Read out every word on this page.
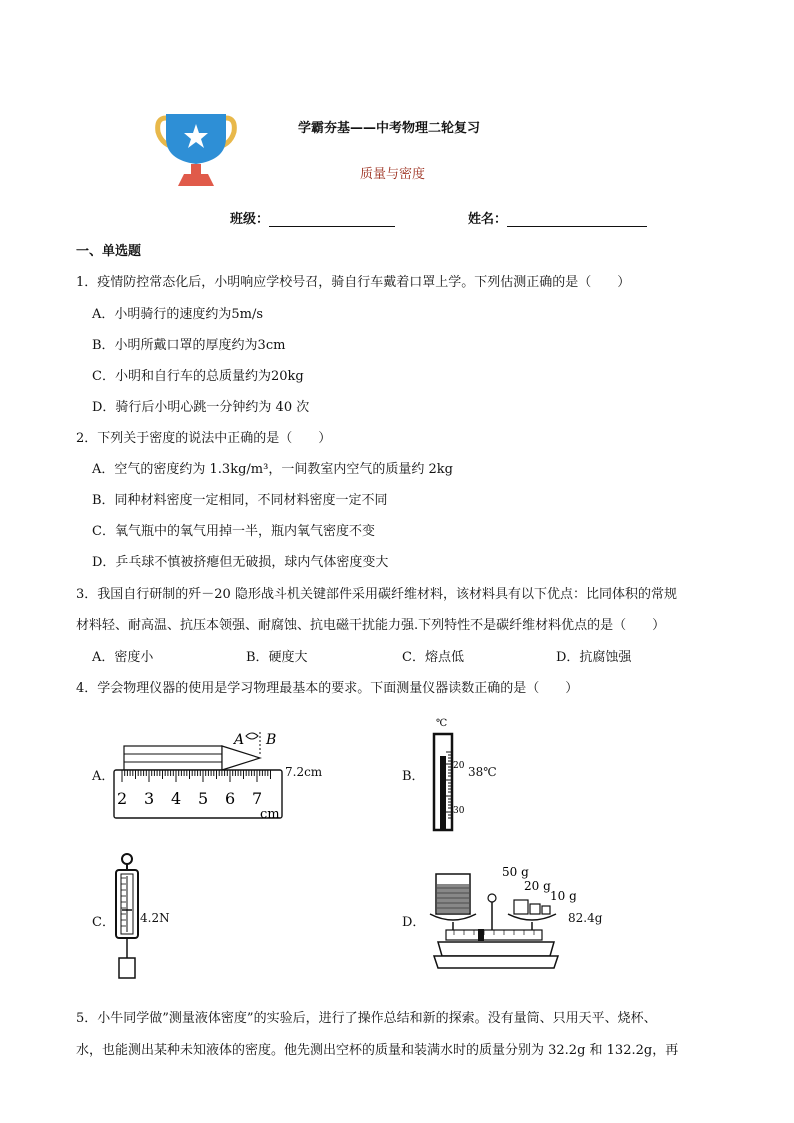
学霸夯基——中考物理二轮复习
质量与密度
班级：	姓名：
一、单选题
1．疫情防控常态化后，小明响应学校号召，骑自行车戴着口罩上学。下列估测正确的是（　　）
A．小明骑行的速度约为5m/s
B．小明所戴口罩的厚度约为3cm
C．小明和自行车的总质量约为20kg
D．骑行后小明心跳一分钟约为 40 次
2．下列关于密度的说法中正确的是（　　）
A．空气的密度约为 1.3kg/m³，一间教室内空气的质量约 2kg
B．同种材料密度一定相同，不同材料密度一定不同
C．氧气瓶中的氧气用掉一半，瓶内氧气密度不变
D．乒乓球不慎被挤瘪但无破损，球内气体密度变大
3．我国自行研制的歼－20 隐形战斗机关键部件采用碳纤维材料，该材料具有以下优点：比同体积的常规
材料轻、耐高温、抗压本领强、耐腐蚀、抗电磁干扰能力强.下列特性不是碳纤维材料优点的是（　　）
A．密度小	B．硬度大	C．熔点低	D．抗腐蚀强
4．学会物理仪器的使用是学习物理最基本的要求。下面测量仪器读数正确的是（　　）
A．
A B
2 3 4 5 6 7
cm
7.2cm	B．
℃
20
30
38℃
C． 4.2N	D．
50 g
20 g
10 g
82.4g
5．小牛同学做”测量液体密度”的实验后，进行了操作总结和新的探索。没有量筒、只用天平、烧杯、
水，也能测出某种未知液体的密度。他先测出空杯的质量和装满水时的质量分别为 32.2g 和 132.2g，再
